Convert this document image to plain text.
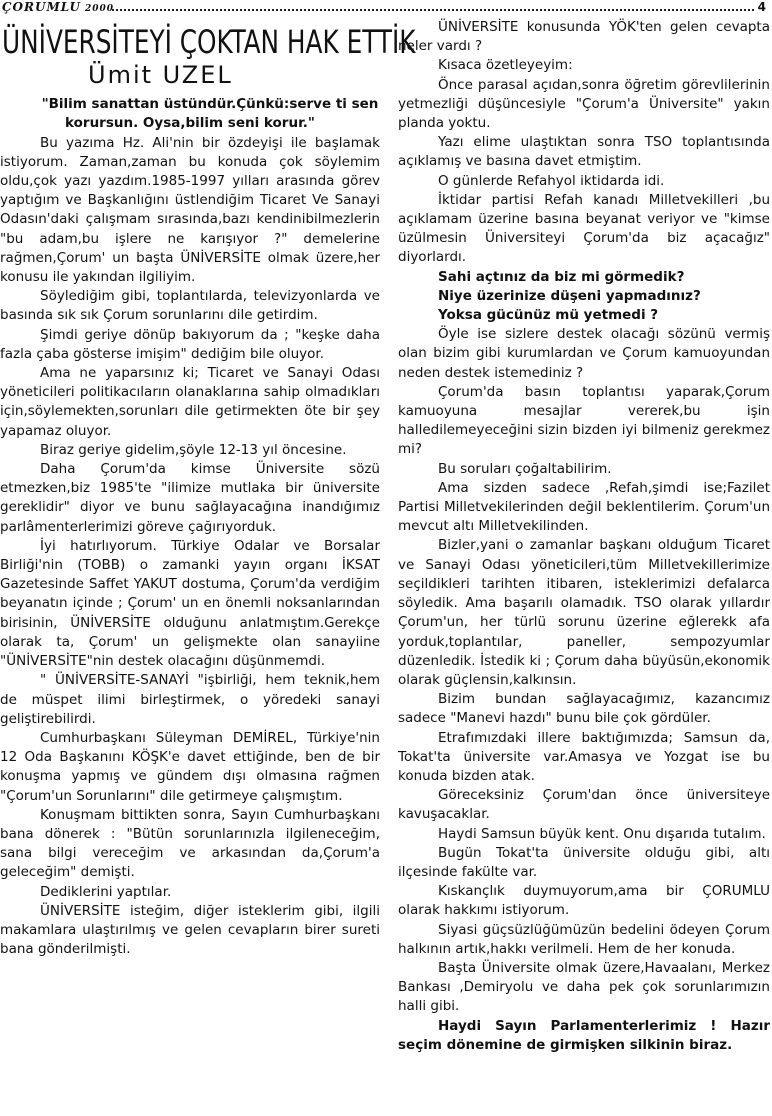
ÇORUMLU 2000	4
ÜNİVERSİTEYİ ÇOKTAN HAK ETTİK
Ümit UZEL

"Bilim sanattan üstündür.Çünkü:serve ti sen korursun. Oysa,bilim seni korur."

Bu yazıma Hz. Ali'nin bir özdeyişi ile başlamak istiyorum. Zaman,zaman bu konuda çok söylemim oldu,çok yazı yazdım.1985-1997 yılları arasında görev yaptığım ve Başkanlığını üstlendiğim Ticaret Ve Sanayi Odasın'daki çalışmam sırasında,bazı kendinibilmezlerin "bu adam,bu işlere ne karışıyor ?" demelerine rağmen,Çorum' un başta ÜNİVERSİTE olmak üzere,her konusu ile yakından ilgiliyim.

Söylediğim gibi, toplantılarda, televizyonlarda ve basında sık sık Çorum sorunlarını dile getirdim.

Şimdi geriye dönüp bakıyorum da ; "keşke daha fazla çaba gösterse imişim" dediğim bile oluyor.

Ama ne yaparsınız ki; Ticaret ve Sanayi Odası yöneticileri politikacıların olanaklarına sahip olmadıkları için,söylemekten,sorunları dile getirmekten öte bir şey yapamaz oluyor.

Biraz geriye gidelim,şöyle 12-13 yıl öncesine.

Daha Çorum'da kimse Üniversite sözü etmezken,biz 1985'te "ilimize mutlaka bir üniversite gereklidir" diyor ve bunu sağlayacağına inandığımız parlâmenterlerimizi göreve çağırıyorduk.

İyi hatırlıyorum. Türkiye Odalar ve Borsalar Birliği'nin (TOBB) o zamanki yayın organı İKSAT Gazetesinde Saffet YAKUT dostuma, Çorum'da verdiğim beyanatın içinde ; Çorum' un en önemli noksanlarından birisinin, ÜNİVERSİTE olduğunu anlatmıştım.Gerekçe olarak ta, Çorum' un gelişmekte olan sanayiine "ÜNİVERSİTE"nin destek olacağını düşünmemdi.

" ÜNİVERSİTE-SANAYİ "işbirliği, hem teknik,hem de müspet ilimi birleştirmek, o yöredeki sanayi geliştirebilirdi.

Cumhurbaşkanı Süleyman DEMİREL, Türkiye'nin 12 Oda Başkanını KÖŞK'e davet ettiğinde, ben de bir konuşma yapmış ve gündem dışı olmasına rağmen "Çorum'un Sorunlarını" dile getirmeye çalışmıştım.

Konuşmam bittikten sonra, Sayın Cumhurbaşkanı bana dönerek : "Bütün sorunlarınızla ilgileneceğim, sana bilgi vereceğim ve arkasından da,Çorum'a geleceğim" demişti.

Dediklerini yaptılar.

ÜNİVERSİTE isteğim, diğer isteklerim gibi, ilgili makamlara ulaştırılmış ve gelen cevapların birer sureti bana gönderilmişti.

ÜNİVERSİTE konusunda YÖK'ten gelen cevapta neler vardı ?

Kısaca özetleyeyim:

Önce parasal açıdan,sonra öğretim görevlilerinin yetmezliği düşüncesiyle "Çorum'a Üniversite" yakın planda yoktu.

Yazı elime ulaştıktan sonra TSO toplantısında açıklamış ve basına davet etmiştim.

O günlerde Refahyol iktidarda idi.

İktidar partisi Refah kanadı Milletvekilleri ,bu açıklamam üzerine basına beyanat veriyor ve "kimse üzülmesin Üniversiteyi Çorum'da biz açacağız" diyorlardı.

Sahi açtınız da biz mi görmedik?

Niye üzerinize düşeni yapmadınız?

Yoksa gücünüz mü yetmedi ?

Öyle ise sizlere destek olacağı sözünü vermiş olan bizim gibi kurumlardan ve Çorum kamuoyundan neden destek istemediniz ?

Çorum'da basın toplantısı yaparak,Çorum kamuoyuna mesajlar vererek,bu işin halledilemeyeceğini sizin bizden iyi bilmeniz gerekmez mi?

Bu soruları çoğaltabilirim.

Ama sizden sadece ,Refah,şimdi ise;Fazilet Partisi Milletvekilerinden değil beklentilerim. Çorum'un mevcut altı Milletvekilinden.

Bizler,yani o zamanlar başkanı olduğum Ticaret ve Sanayi Odası yöneticileri,tüm Milletvekillerimize seçildikleri tarihten itibaren, isteklerimizi defalarca söyledik. Ama başarılı olamadık. TSO olarak yıllardır Çorum'un, her türlü sorunu üzerine eğlerekk afa yorduk,toplantılar, paneller, sempozyumlar düzenledik. İstedik ki ; Çorum daha büyüsün,ekonomik olarak güçlensin,kalkınsın.

Bizim bundan sağlayacağımız, kazancımız sadece "Manevi hazdı" bunu bile çok gördüler.

Etrafımızdaki illere baktığımızda; Samsun da, Tokat'ta üniversite var.Amasya ve Yozgat ise bu konuda bizden atak.

Göreceksiniz Çorum'dan önce üniversiteye kavuşacaklar.

Haydi Samsun büyük kent. Onu dışarıda tutalım.

Bugün Tokat'ta üniversite olduğu gibi, altı ilçesinde fakülte var.

Kıskançlık duymuyorum,ama bir ÇORUMLU olarak hakkımı istiyorum.

Siyasi güçsüzlüğümüzün bedelini ödeyen Çorum halkının artık,hakkı verilmeli. Hem de her konuda.

Başta Üniversite olmak üzere,Havaalanı, Merkez Bankası ,Demiryolu ve daha pek çok sorunlarımızın halli gibi.

Haydi Sayın Parlamenterlerimiz ! Hazır seçim dönemine de girmişken silkinin biraz.
